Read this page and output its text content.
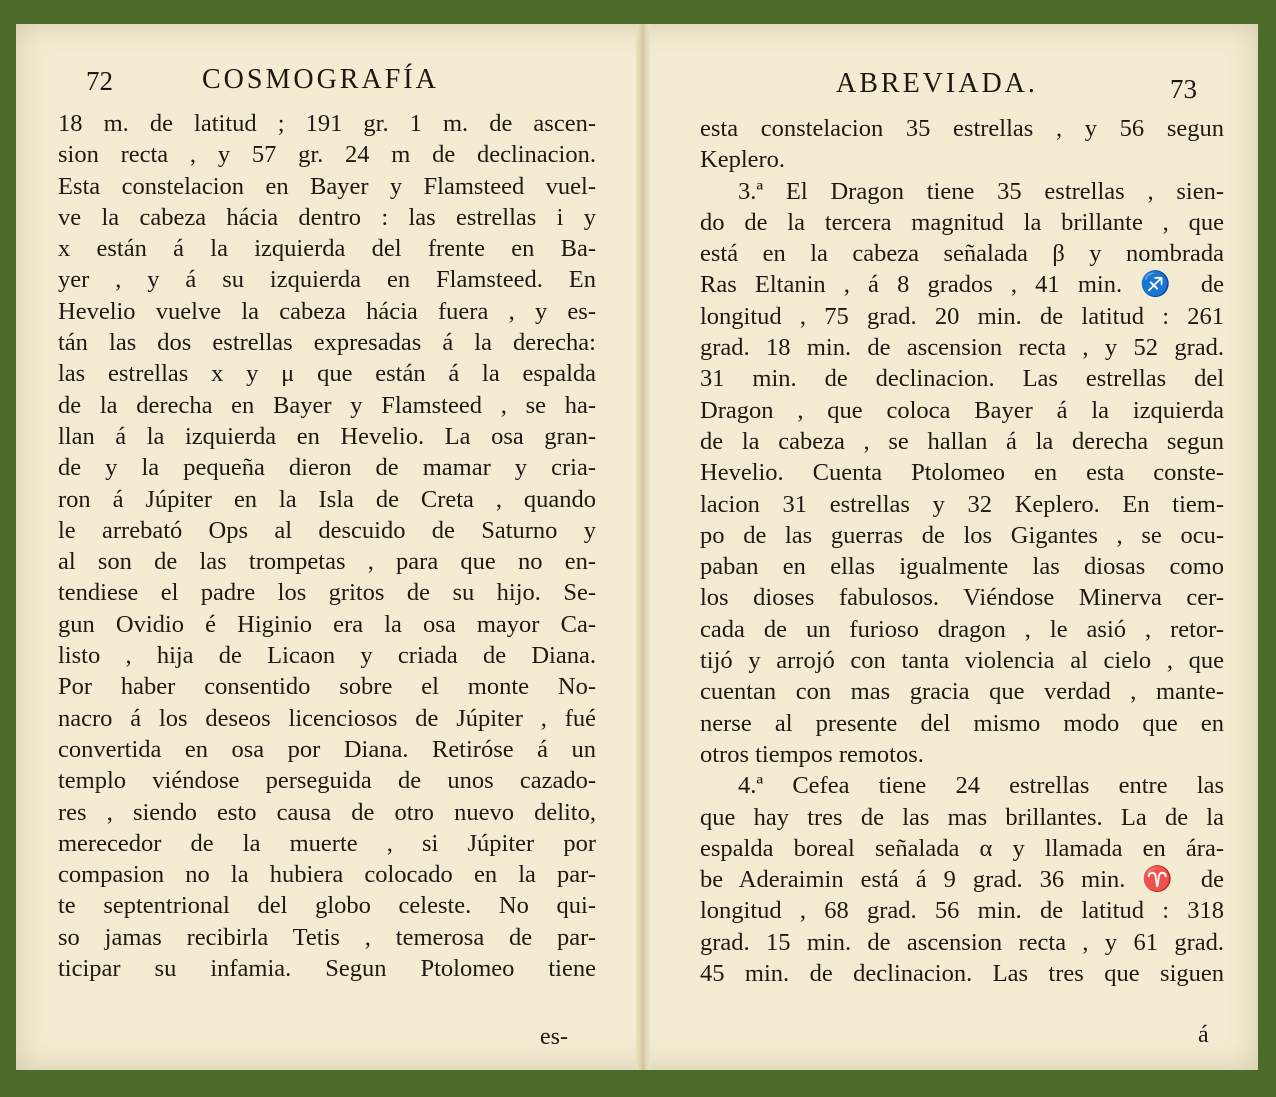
72	COSMOGRAFÍA
18 m. de latitud ; 191 gr. 1 m. de ascen-
sion recta , y 57 gr. 24 m de declinacion.
Esta constelacion en Bayer y Flamsteed vuel-
ve la cabeza hácia dentro : las estrellas i y
x están á la izquierda del frente en Ba-
yer , y á su izquierda en Flamsteed. En
Hevelio vuelve la cabeza hácia fuera , y es-
tán las dos estrellas expresadas á la derecha:
las estrellas x y μ que están á la espalda
de la derecha en Bayer y Flamsteed , se ha-
llan á la izquierda en Hevelio. La osa gran-
de y la pequeña dieron de mamar y cria-
ron á Júpiter en la Isla de Creta , quando
le arrebató Ops al descuido de Saturno y
al son de las trompetas , para que no en-
tendiese el padre los gritos de su hijo. Se-
gun Ovidio é Higinio era la osa mayor Ca-
listo , hija de Licaon y criada de Diana.
Por haber consentido sobre el monte No-
nacro á los deseos licenciosos de Júpiter , fué
convertida en osa por Diana. Retiróse á un
templo viéndose perseguida de unos cazado-
res , siendo esto causa de otro nuevo delito,
merecedor de la muerte , si Júpiter por
compasion no la hubiera colocado en la par-
te septentrional del globo celeste. No qui-
so jamas recibirla Tetis , temerosa de par-
ticipar su infamia. Segun Ptolomeo tiene
es-
ABREVIADA.	73
esta constelacion 35 estrellas , y 56 segun
Keplero.
3.ª El Dragon tiene 35 estrellas , sien-
do de la tercera magnitud la brillante , que
está en la cabeza señalada β y nombrada
Ras Eltanin , á 8 grados , 41 min. ♐ de
longitud , 75 grad. 20 min. de latitud : 261
grad. 18 min. de ascension recta , y 52 grad.
31 min. de declinacion. Las estrellas del
Dragon , que coloca Bayer á la izquierda
de la cabeza , se hallan á la derecha segun
Hevelio. Cuenta Ptolomeo en esta conste-
lacion 31 estrellas y 32 Keplero. En tiem-
po de las guerras de los Gigantes , se ocu-
paban en ellas igualmente las diosas como
los dioses fabulosos. Viéndose Minerva cer-
cada de un furioso dragon , le asió , retor-
tijó y arrojó con tanta violencia al cielo , que
cuentan con mas gracia que verdad , mante-
nerse al presente del mismo modo que en
otros tiempos remotos.
4.ª Cefea tiene 24 estrellas entre las
que hay tres de las mas brillantes. La de la
espalda boreal señalada α y llamada en ára-
be Aderaimin está á 9 grad. 36 min. ♈ de
longitud , 68 grad. 56 min. de latitud : 318
grad. 15 min. de ascension recta , y 61 grad.
45 min. de declinacion. Las tres que siguen
á
